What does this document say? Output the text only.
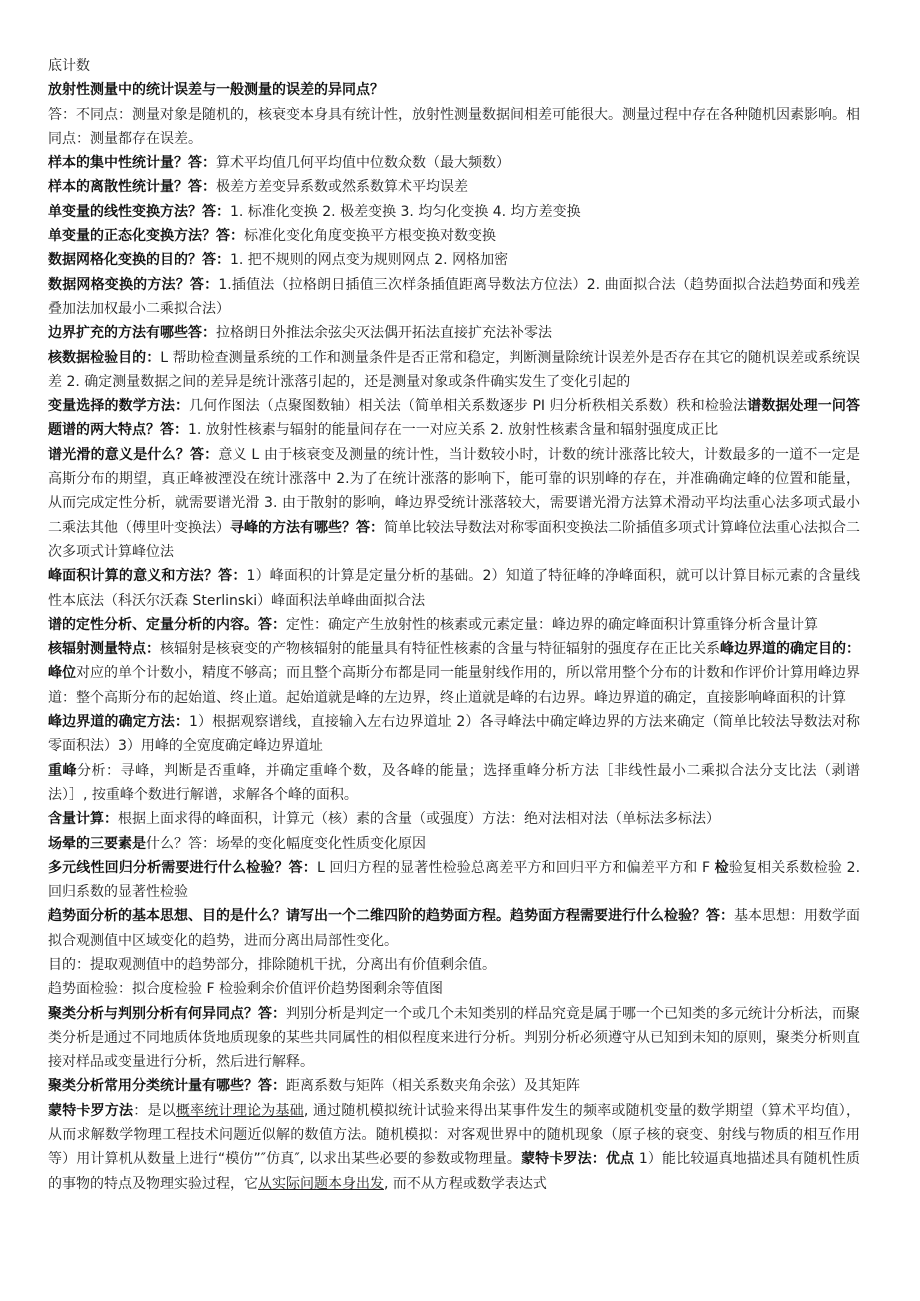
底计数

放射性测量中的统计误差与一般测量的误差的异同点？

答：不同点：测量对象是随机的，核衰变本身具有统计性，放射性测量数据间相差可能很大。测量过程中存在各种随机因素影响。相同点：测量都存在误差。

样本的集中性统计量？答：算术平均值几何平均值中位数众数（最大频数）

样本的离散性统计量？答：极差方差变异系数或然系数算术平均误差

单变量的线性变换方法？答：1. 标准化变换 2. 极差变换 3. 均匀化变换 4. 均方差变换

单变量的正态化变换方法？答：标准化变化角度变换平方根变换对数变换

数据网格化变换的目的？答：1. 把不规则的网点变为规则网点 2. 网格加密

数据网格变换的方法？答：1.插值法（拉格朗日插值三次样条插值距离导数法方位法）2. 曲面拟合法（趋势面拟合法趋势面和残差叠加法加权最小二乘拟合法）

边界扩充的方法有哪些答：拉格朗日外推法余弦尖灭法偶开拓法直接扩充法补零法

核数据检验目的：L 帮助检查测量系统的工作和测量条件是否正常和稳定，判断测量除统计误差外是否存在其它的随机误差或系统误差 2. 确定测量数据之间的差异是统计涨落引起的，还是测量对象或条件确实发生了变化引起的

变量选择的数学方法：几何作图法（点聚图数轴）相关法（简单相关系数逐步 PI 归分析秩相关系数）秩和检验法谱数据处理一问答题谱的两大特点？答：1. 放射性核素与辐射的能量间存在一一对应关系 2. 放射性核素含量和辐射强度成正比

谱光滑的意义是什么？答：意义 L 由于核衰变及测量的统计性，当计数较小时，计数的统计涨落比较大，计数最多的一道不一定是高斯分布的期望，真正峰被湮没在统计涨落中 2.为了在统计涨落的影响下，能可靠的识别峰的存在，并准确确定峰的位置和能量，从而完成定性分析，就需要谱光滑 3. 由于散射的影响，峰边界受统计涨落较大，需要谱光滑方法算术滑动平均法重心法多项式最小二乘法其他（傅里叶变换法）寻峰的方法有哪些？答：简单比较法导数法对称零面积变换法二阶插值多项式计算峰位法重心法拟合二次多项式计算峰位法

峰面积计算的意义和方法？答：1）峰面积的计算是定量分析的基础。2）知道了特征峰的净峰面积，就可以计算目标元素的含量线性本底法（科沃尔沃森 Sterlinski）峰面积法单峰曲面拟合法

谱的定性分析、定量分析的内容。答：定性：确定产生放射性的核素或元素定量：峰边界的确定峰面积计算重锋分析含量计算

核辐射测量特点：核辐射是核衰变的产物核辐射的能量具有特征性核素的含量与特征辐射的强度存在正比关系峰边界道的确定目的：峰位对应的单个计数小，精度不够高；而且整个高斯分布都是同一能量射线作用的，所以常用整个分布的计数和作评价计算用峰边界道：整个高斯分布的起始道、终止道。起始道就是峰的左边界，终止道就是峰的右边界。峰边界道的确定，直接影响峰面积的计算

峰边界道的确定方法：1）根据观察谱线，直接输入左右边界道址 2）各寻峰法中确定峰边界的方法来确定（简单比较法导数法对称零面积法）3）用峰的全宽度确定峰边界道址

重峰分析：寻峰，判断是否重峰，并确定重峰个数，及各峰的能量；选择重峰分析方法［非线性最小二乘拟合法分支比法（剥谱法）］, 按重峰个数进行解谱，求解各个峰的面积。

含量计算：根据上面求得的峰面积，计算元（核）素的含量（或强度）方法：绝对法相对法（单标法多标法）

场晕的三要素是什么？答：场晕的变化幅度变化性质变化原因

多元线性回归分析需要进行什么检验？答：L 回归方程的显著性检验总离差平方和回归平方和偏差平方和 F 检验复相关系数检验 2. 回归系数的显著性检验

趋势面分析的基本思想、目的是什么？请写出一个二维四阶的趋势面方程。趋势面方程需要进行什么检验？答：基本思想：用数学面拟合观测值中区域变化的趋势，进而分离出局部性变化。

目的：提取观测值中的趋势部分，排除随机干扰，分离出有价值剩余值。

趋势面检验：拟合度检验 F 检验剩余价值评价趋势图剩余等值图

聚类分析与判别分析有何异同点？答：判别分析是判定一个或几个未知类别的样品究竟是属于哪一个已知类的多元统计分析法，而聚类分析是通过不同地质体货地质现象的某些共同属性的相似程度来进行分析。判别分析必须遵守从已知到未知的原则，聚类分析则直接对样品或变量进行分析，然后进行解释。

聚类分析常用分类统计量有哪些？答：距离系数与矩阵（相关系数夹角余弦）及其矩阵

蒙特卡罗方法：是以概率统计理论为基础, 通过随机模拟统计试验来得出某事件发生的频率或随机变量的数学期望（算术平均值），从而求解数学物理工程技术问题近似解的数值方法。随机模拟：对客观世界中的随机现象（原子核的衰变、射线与物质的相互作用等）用计算机从数量上进行“模仿”″仿真″, 以求出某些必要的参数或物理量。蒙特卡罗法：优点 1）能比较逼真地描述具有随机性质的事物的特点及物理实验过程，它从实际问题本身出发, 而不从方程或数学表达式
